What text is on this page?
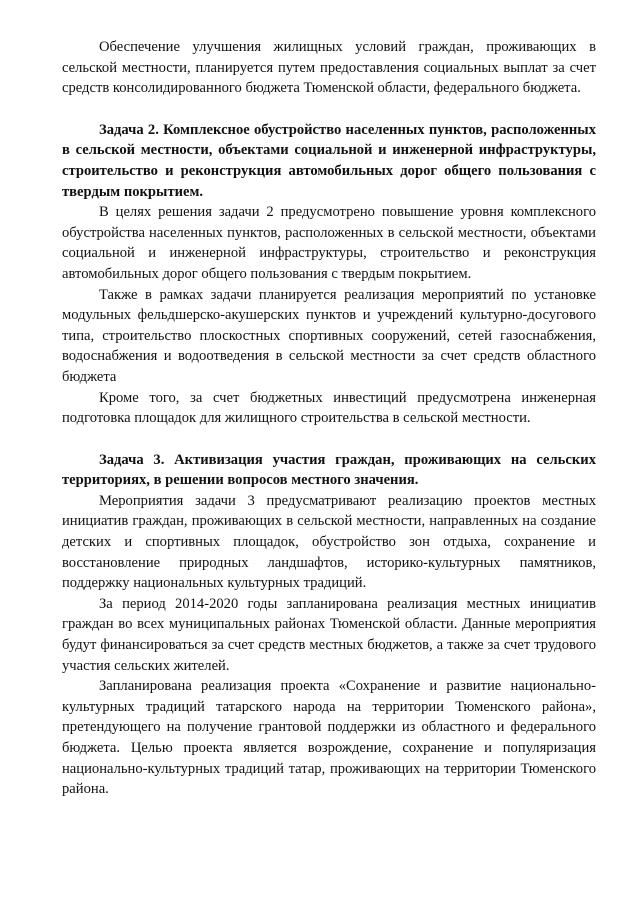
Обеспечение улучшения жилищных условий граждан, проживающих в сельской местности, планируется путем предоставления социальных выплат за счет средств консолидированного бюджета Тюменской области, федерального бюджета.

Задача 2. Комплексное обустройство населенных пунктов, расположенных в сельской местности, объектами социальной и инженерной инфраструктуры, строительство и реконструкция автомобильных дорог общего пользования с твердым покрытием.

В целях решения задачи 2 предусмотрено повышение уровня комплексного обустройства населенных пунктов, расположенных в сельской местности, объектами социальной и инженерной инфраструктуры, строительство и реконструкция автомобильных дорог общего пользования с твердым покрытием.

Также в рамках задачи планируется реализация мероприятий по установке модульных фельдшерско-акушерских пунктов и учреждений культурно-досугового типа, строительство плоскостных спортивных сооружений, сетей газоснабжения, водоснабжения и водоотведения в сельской местности за счет средств областного бюджета

Кроме того, за счет бюджетных инвестиций предусмотрена инженерная подготовка площадок для жилищного строительства в сельской местности.

Задача 3. Активизация участия граждан, проживающих на сельских территориях, в решении вопросов местного значения.

Мероприятия задачи 3 предусматривают реализацию проектов местных инициатив граждан, проживающих в сельской местности, направленных на создание детских и спортивных площадок, обустройство зон отдыха, сохранение и восстановление природных ландшафтов, историко-культурных памятников, поддержку национальных культурных традиций.

За период 2014-2020 годы запланирована реализация местных инициатив граждан во всех муниципальных районах Тюменской области. Данные мероприятия будут финансироваться за счет средств местных бюджетов, а также за счет трудового участия сельских жителей.

Запланирована реализация проекта «Сохранение и развитие национально-культурных традиций татарского народа на территории Тюменского района», претендующего на получение грантовой поддержки из областного и федерального бюджета. Целью проекта является возрождение, сохранение и популяризация национально-культурных традиций татар, проживающих на территории Тюменского района.
